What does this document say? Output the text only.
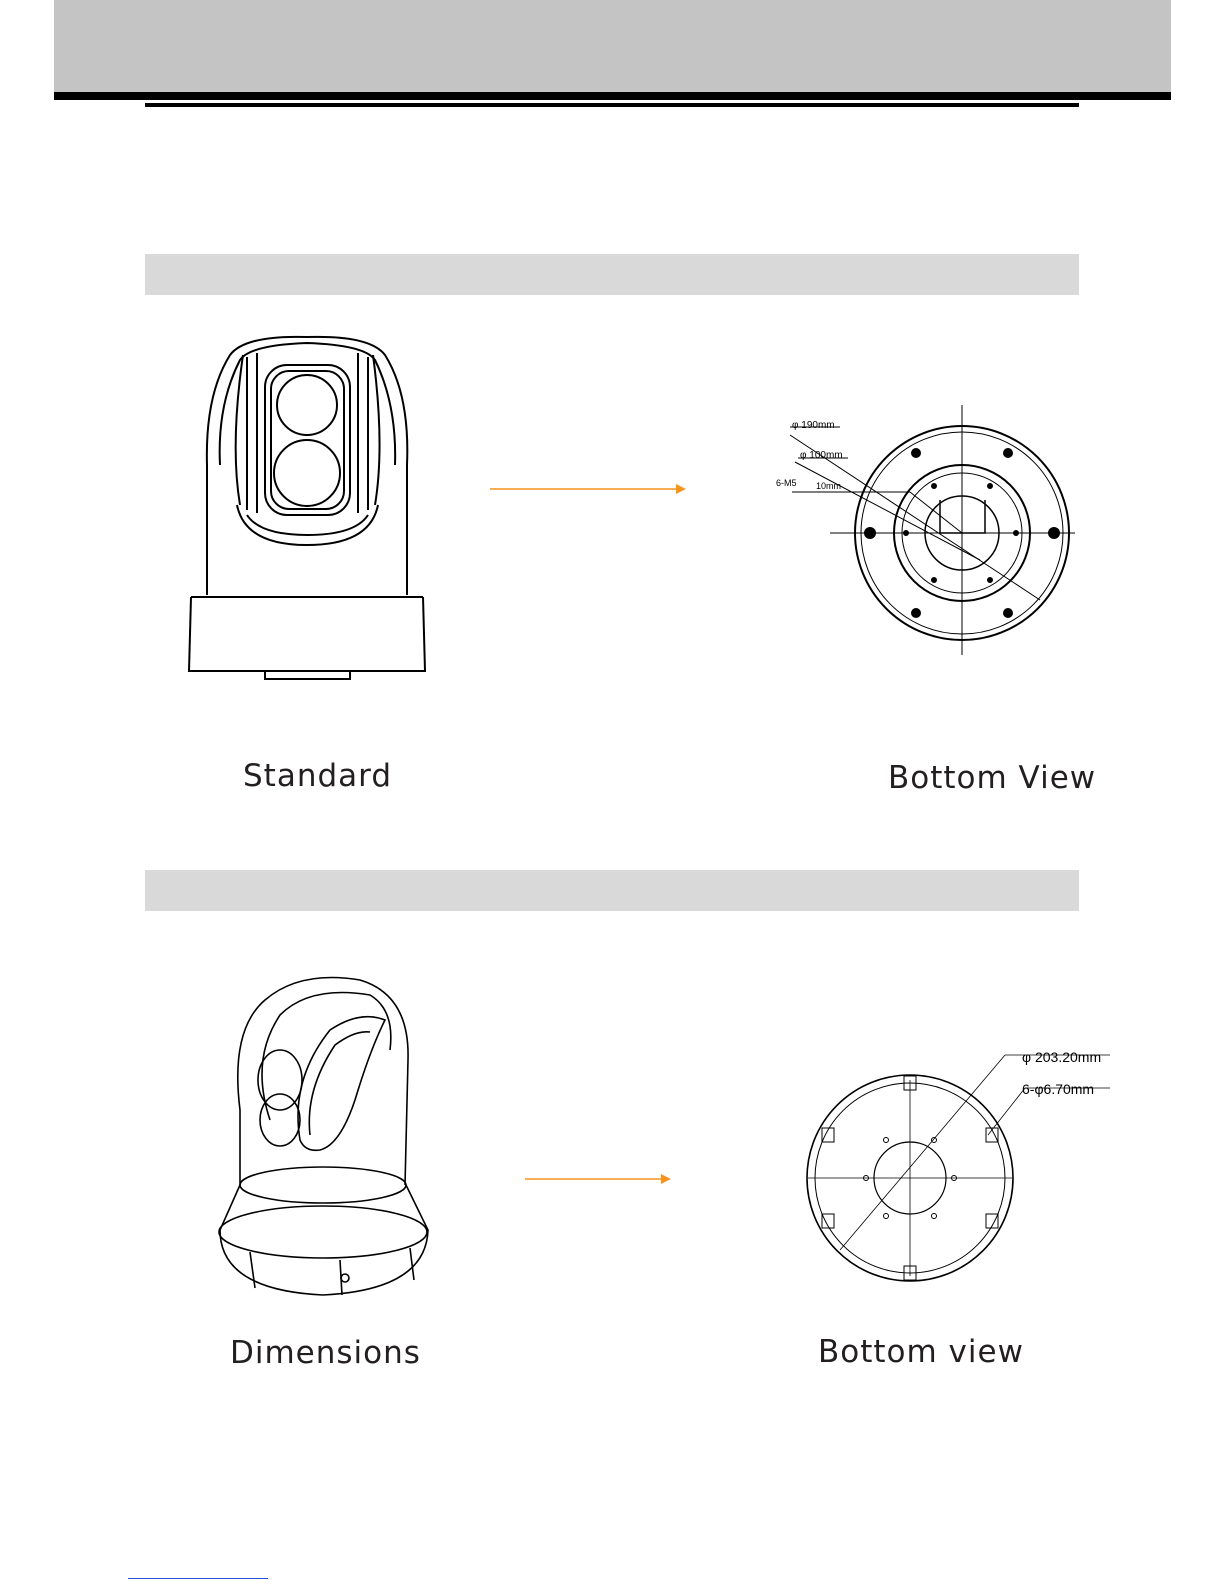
φ 190mm
φ 100mm
6-M5 10mm
Standard	Bottom View
φ 203.20mm
6-φ6.70mm
Dimensions	Bottom view
